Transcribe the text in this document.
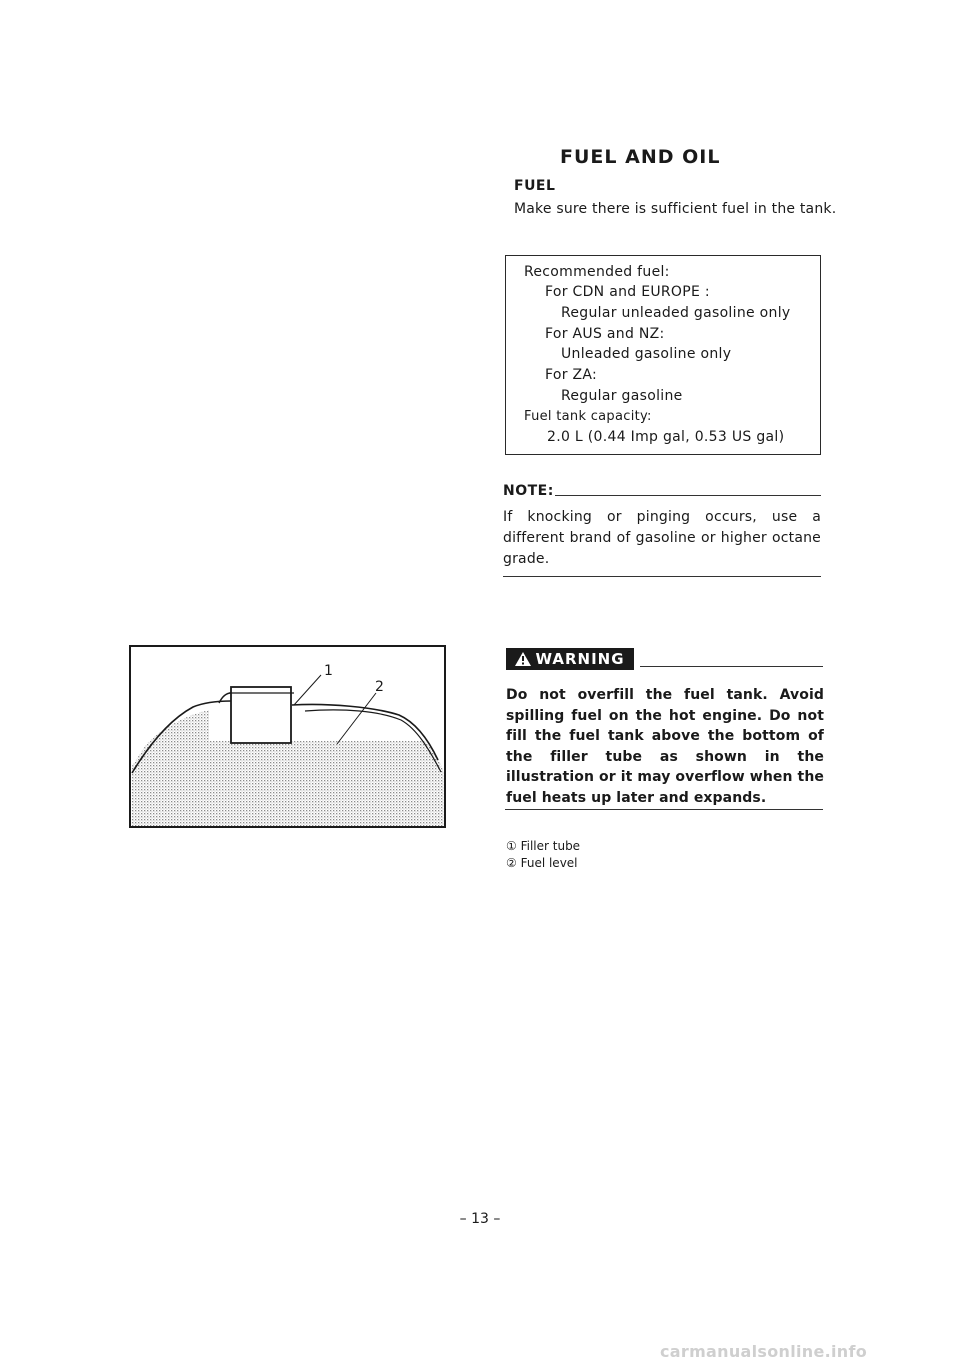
FUEL AND OIL
FUEL
Make sure there is sufficient fuel in the tank.
Recommended fuel:
For CDN and EUROPE :
Regular unleaded gasoline only
For AUS and NZ:
Unleaded gasoline only
For ZA:
Regular gasoline
Fuel tank capacity:
2.0 L (0.44 Imp gal, 0.53 US gal)
NOTE:
If knocking or pinging occurs, use a different brand of gasoline or higher octane grade.
WARNING
Do not overfill the fuel tank. Avoid spilling fuel on the hot engine. Do not fill the fuel tank above the bottom of the filler tube as shown in the illustration or it may overflow when the fuel heats up later and expands.
① Filler tube
② Fuel level
1
2
– 13 –
carmanualsonline.info
